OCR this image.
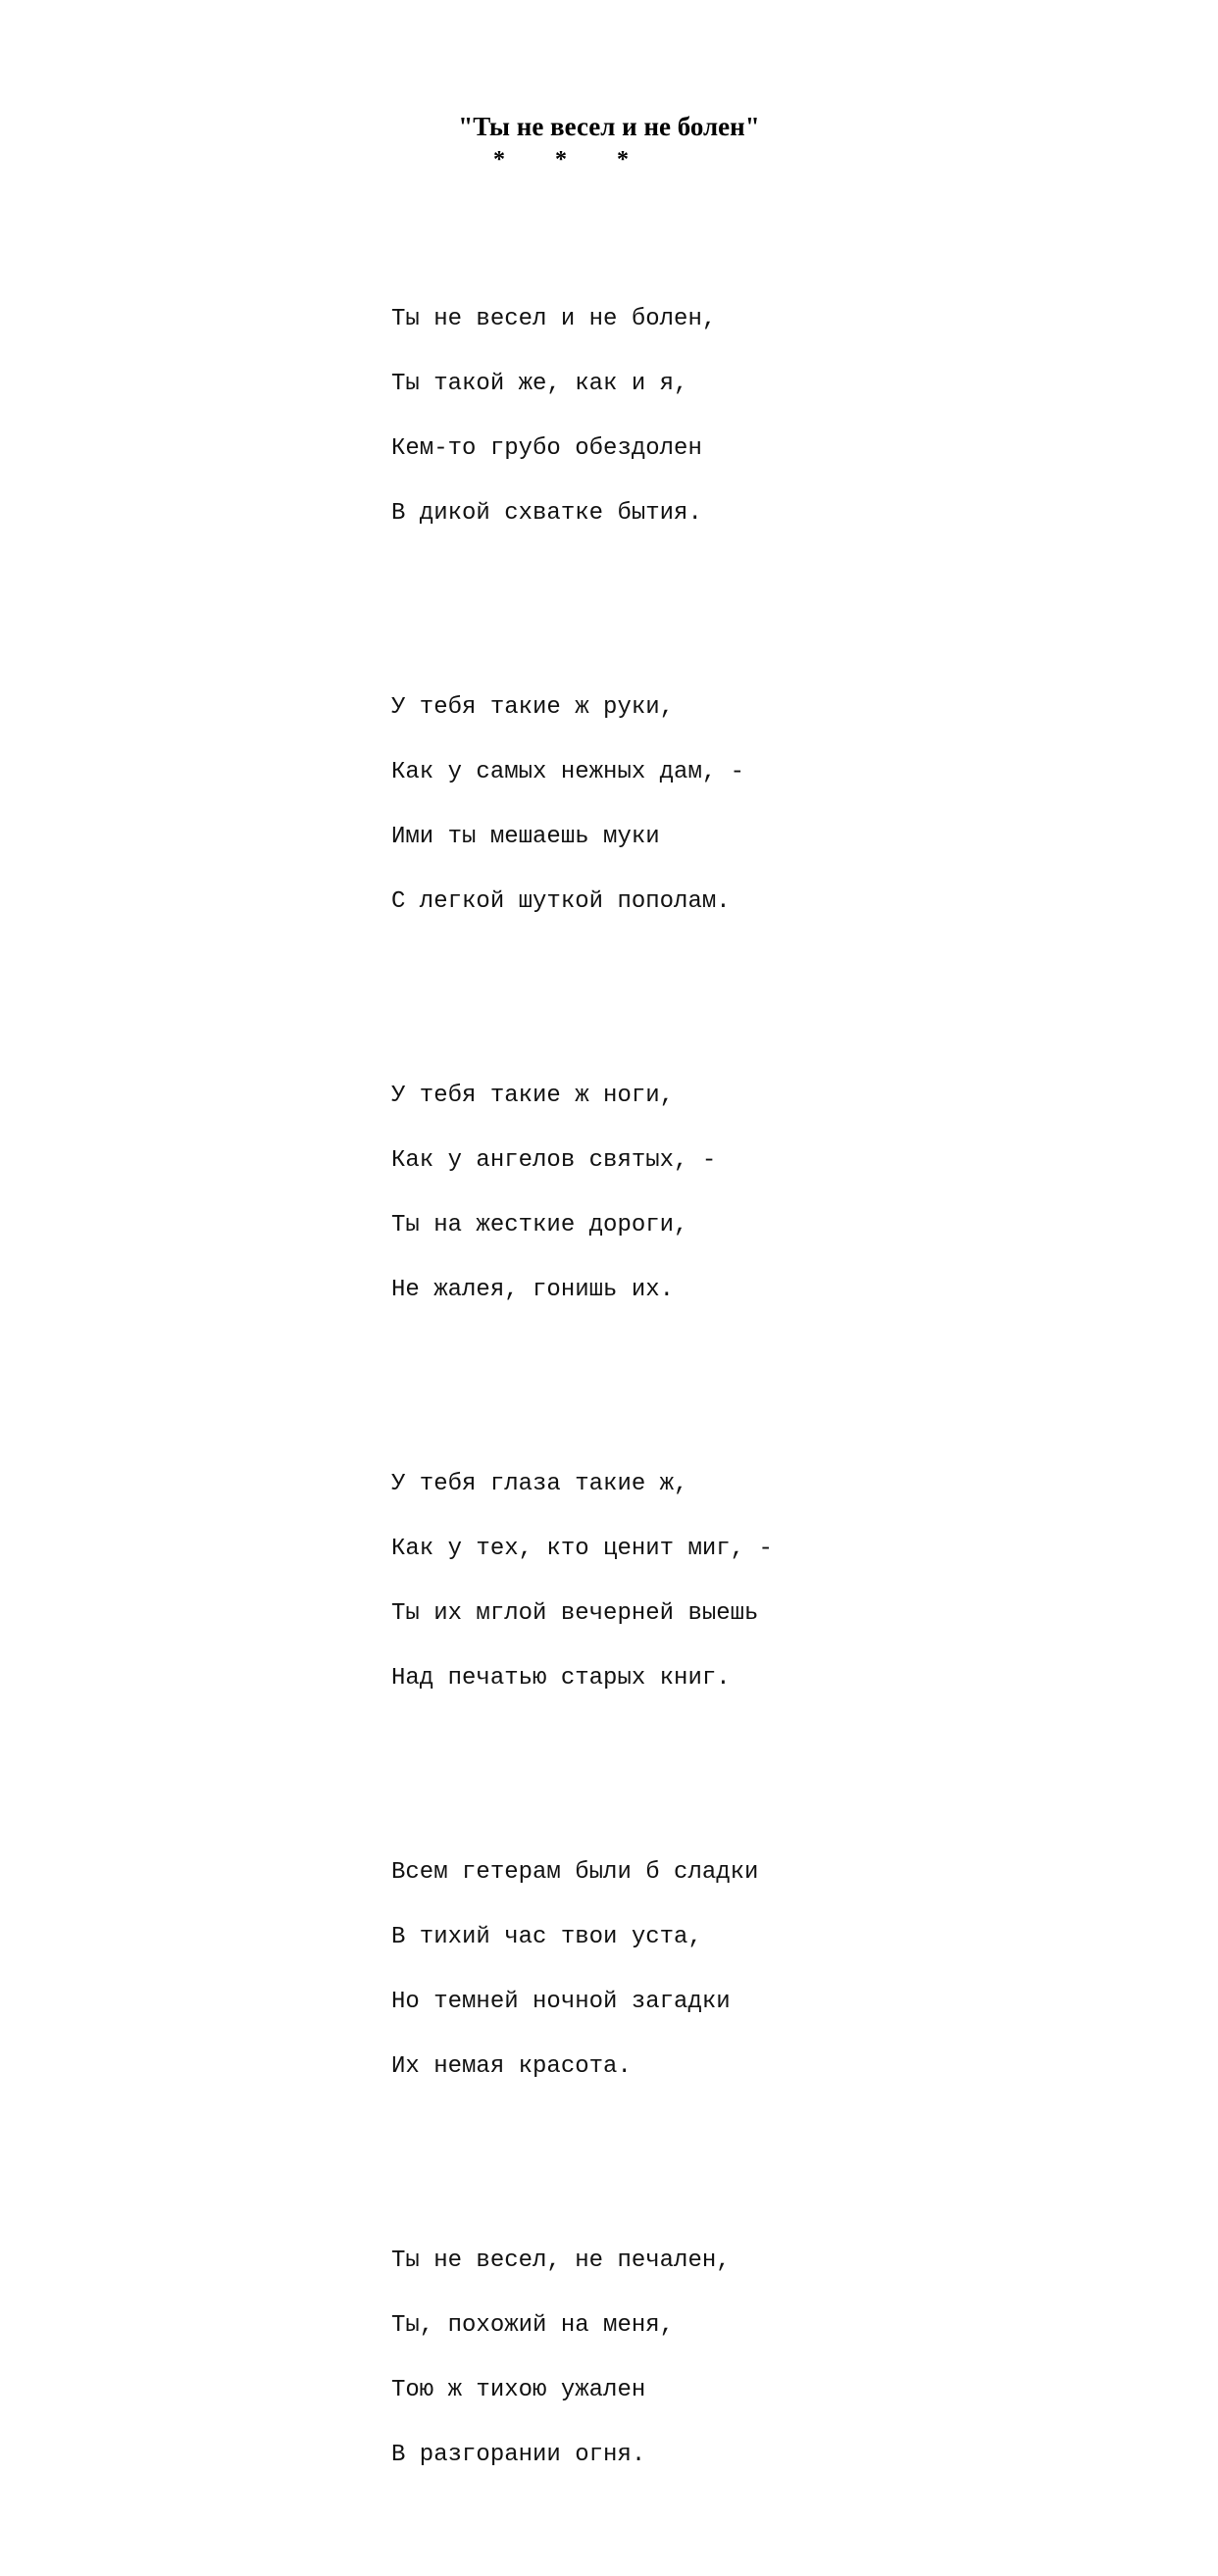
"Ты не весел и не болен"
*  *  *

Ты не весел и не болен,

Ты такой же, как и я,

Кем-то грубо обездолен

В дикой схватке бытия.

У тебя такие ж руки,

Как у самых нежных дам, -

Ими ты мешаешь муки

С легкой шуткой пополам.

У тебя такие ж ноги,

Как у ангелов святых, -

Ты на жесткие дороги,

Не жалея, гонишь их.

У тебя глаза такие ж,

Как у тех, кто ценит миг, -

Ты их мглой вечерней выешь

Над печатью старых книг.

Всем гетерам были б сладки

В тихий час твои уста,

Но темней ночной загадки

Их немая красота.

Ты не весел, не печален,

Ты, похожий на меня,

Тою ж тихою ужален

В разгорании огня.
